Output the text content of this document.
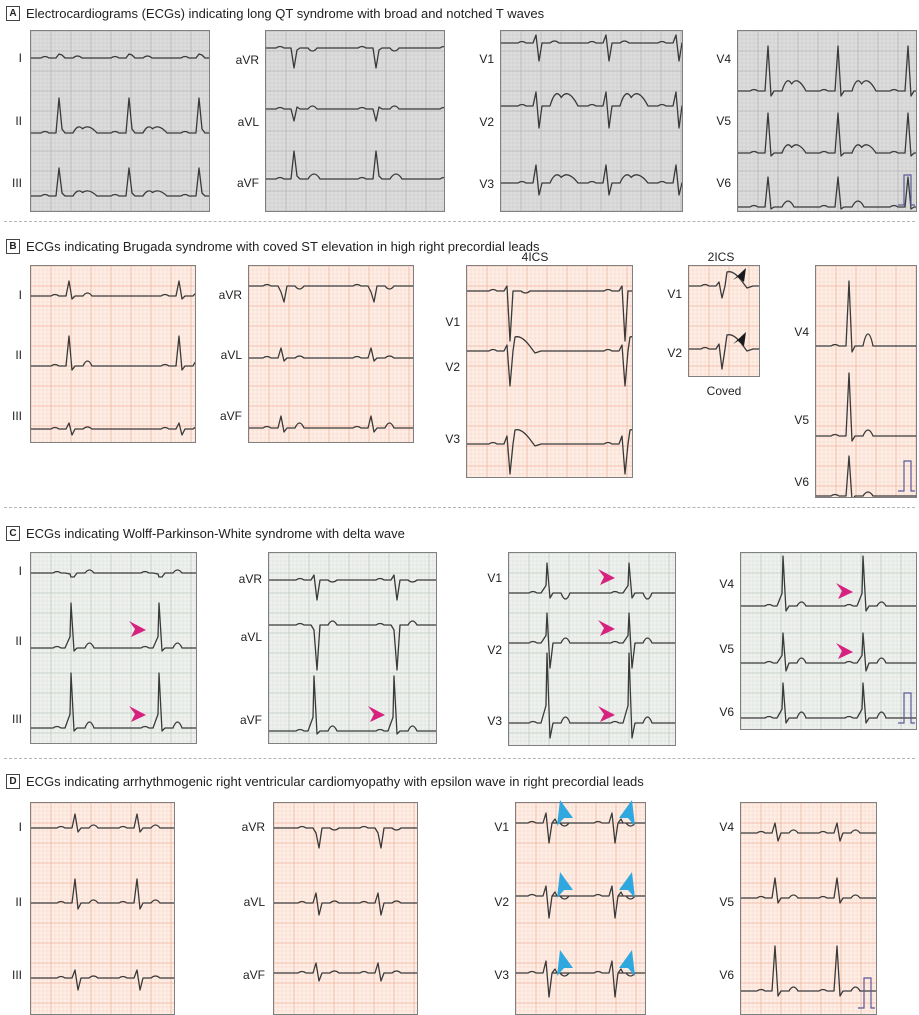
A Electrocardiograms (ECGs) indicating long QT syndrome with broad and notched T waves
B ECGs indicating Brugada syndrome with coved ST elevation in high right precordial leads
C ECGs indicating Wolff-Parkinson-White syndrome with delta wave
D ECGs indicating arrhythmogenic right ventricular cardiomyopathy with epsilon wave in right precordial leads
I
II
III
aVR
aVL
aVF
V1
V2
V3
V4
V5
V6
I
II
III
aVR
aVL
aVF
4ICS
V1
V2
V3
2ICS
V1
V2
Coved
V4
V5
V6
I
II
III
aVR
aVL
aVF
V1
V2
V3
V4
V5
V6
I
II
III
aVR
aVL
aVF
V1
V2
V3
V4
V5
V6
